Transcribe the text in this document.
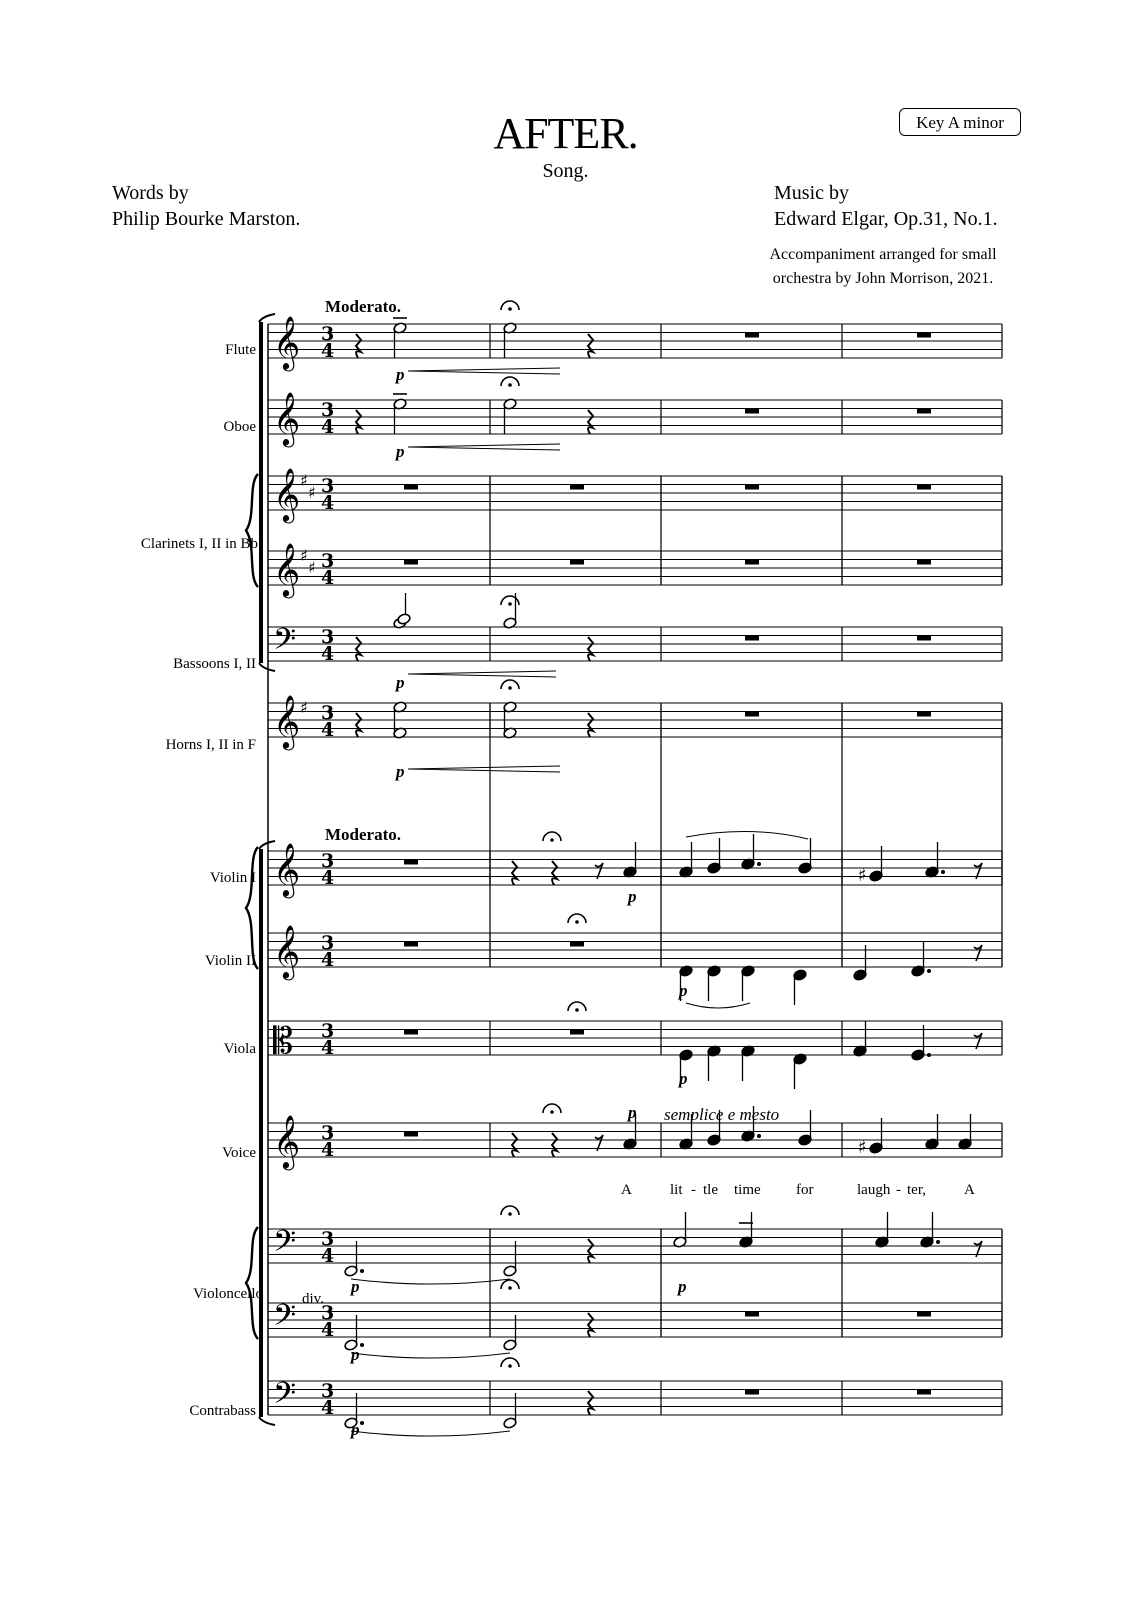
AFTER.
Song.
Key A minor
Words by
Philip Bourke Marston.
Music by
Edward Elgar, Op.31, No.1.
Accompaniment arranged for small
orchestra by John Morrison, 2021.
𝄞 3
4
𝄞 3
4
𝄞 ♯
♯ 3
4
𝄞 ♯
♯ 3
4
𝄢 3
4
𝄞 ♯ 3
4
𝄞 3
4
𝄞 3
4
𝄡 3
4
𝄞 3
4
𝄢 3
4
𝄢 3
4
𝄢 3
4
♯
♯
Flute
Oboe
Clarinets I, II in Bb
Bassoons I, II
Horns I, II in F
Violin I
Violin II
Viola
Voice
Violoncello
Contrabass
Moderato.
Moderato.
semplice e mesto
div.
p
p
p
p
p
p
p
p
p	p
p
p
A	lit - tle time for	laugh - ter,	A
